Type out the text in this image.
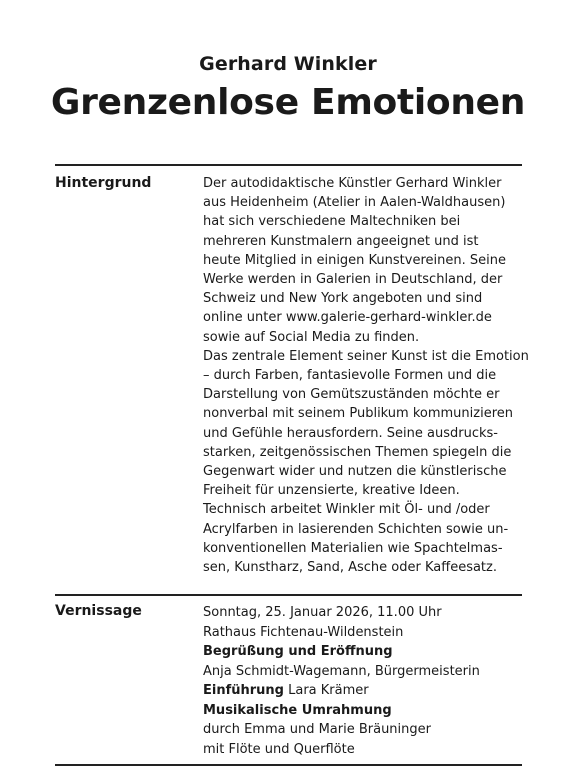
Gerhard Winkler
Grenzenlose Emotionen
Hintergrund	Der autodidaktische Künstler Gerhard Winkler
aus Heidenheim (Atelier in Aalen-Waldhausen)
hat sich verschiedene Maltechniken bei
mehreren Kunstmalern angeeignet und ist
heute Mitglied in einigen Kunstvereinen. Seine
Werke werden in Galerien in Deutschland, der
Schweiz und New York angeboten und sind
online unter www.galerie-gerhard-winkler.de
sowie auf Social Media zu finden.
Das zentrale Element seiner Kunst ist die Emotion
– durch Farben, fantasievolle Formen und die
Darstellung von Gemütszuständen möchte er
nonverbal mit seinem Publikum kommunizieren
und Gefühle herausfordern. Seine ausdrucks-
starken, zeitgenössischen Themen spiegeln die
Gegenwart wider und nutzen die künstlerische
Freiheit für unzensierte, kreative Ideen.
Technisch arbeitet Winkler mit Öl- und /oder
Acrylfarben in lasierenden Schichten sowie un-
konventionellen Materialien wie Spachtelmas-
sen, Kunstharz, Sand, Asche oder Kaffeesatz.
Vernissage	Sonntag, 25. Januar 2026, 11.00 Uhr
Rathaus Fichtenau-Wildenstein
Begrüßung und Eröffnung
Anja Schmidt-Wagemann, Bürgermeisterin
Einführung Lara Krämer
Musikalische Umrahmung
durch Emma und Marie Bräuninger
mit Flöte und Querflöte
